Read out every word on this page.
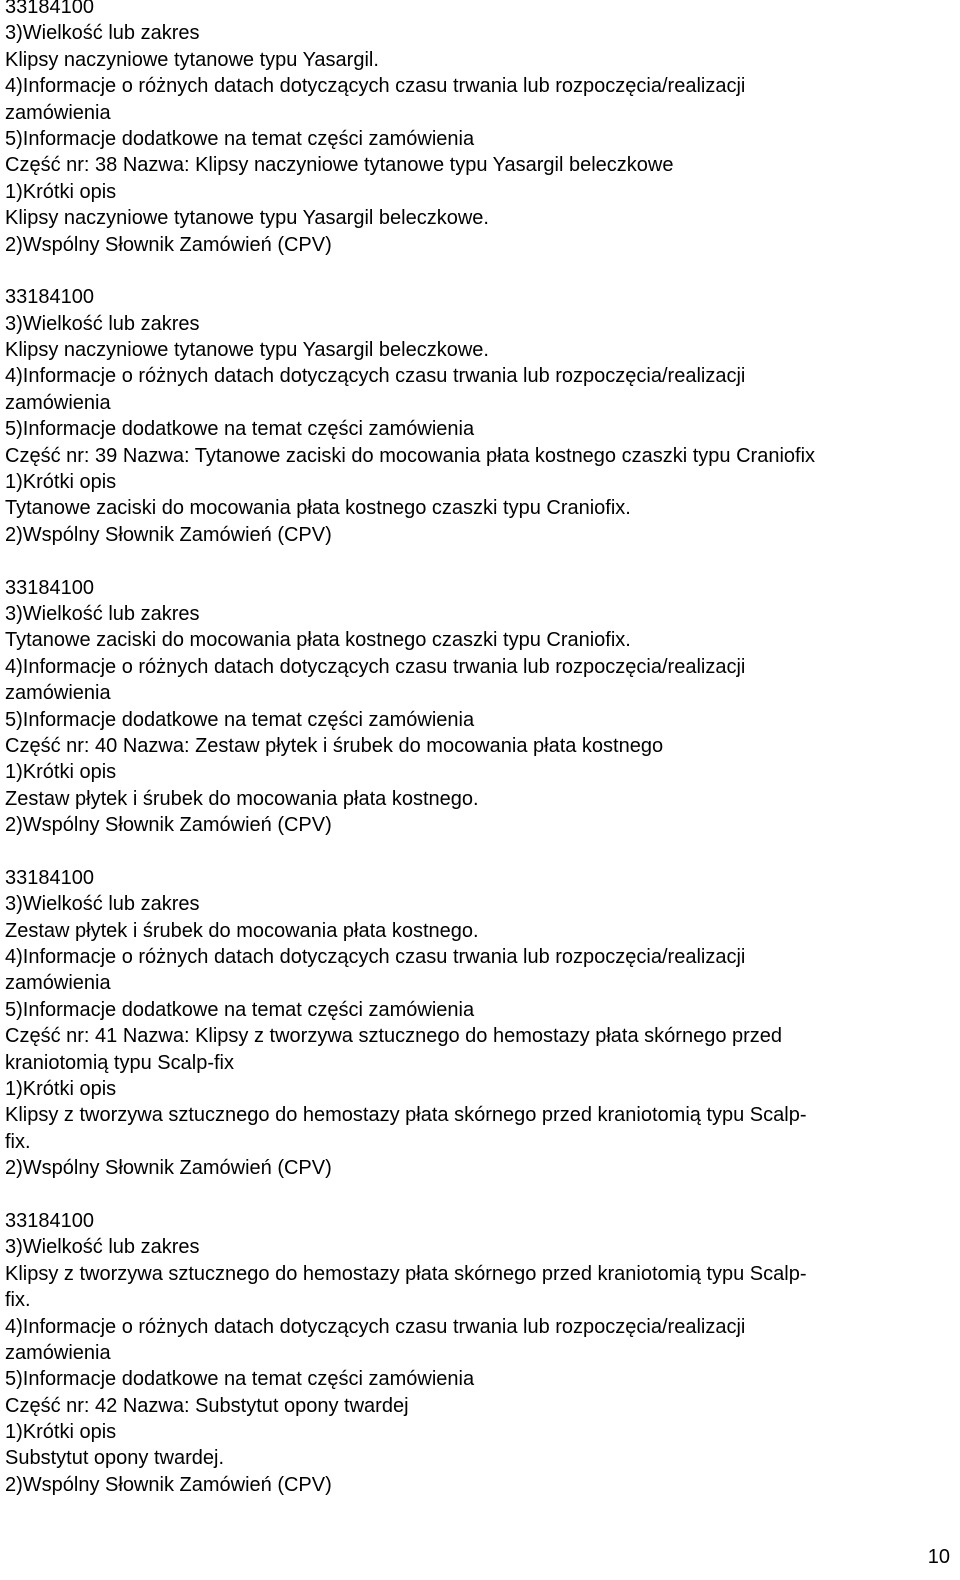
33184100
3)Wielkość lub zakres
Klipsy naczyniowe tytanowe typu Yasargil.
4)Informacje o różnych datach dotyczących czasu trwania lub rozpoczęcia/realizacji
zamówienia
5)Informacje dodatkowe na temat części zamówienia
Część nr: 38 Nazwa: Klipsy naczyniowe tytanowe typu Yasargil beleczkowe
1)Krótki opis
Klipsy naczyniowe tytanowe typu Yasargil beleczkowe.
2)Wspólny Słownik Zamówień (CPV)
33184100
3)Wielkość lub zakres
Klipsy naczyniowe tytanowe typu Yasargil beleczkowe.
4)Informacje o różnych datach dotyczących czasu trwania lub rozpoczęcia/realizacji
zamówienia
5)Informacje dodatkowe na temat części zamówienia
Część nr: 39 Nazwa: Tytanowe zaciski do mocowania płata kostnego czaszki typu Craniofix
1)Krótki opis
Tytanowe zaciski do mocowania płata kostnego czaszki typu Craniofix.
2)Wspólny Słownik Zamówień (CPV)
33184100
3)Wielkość lub zakres
Tytanowe zaciski do mocowania płata kostnego czaszki typu Craniofix.
4)Informacje o różnych datach dotyczących czasu trwania lub rozpoczęcia/realizacji
zamówienia
5)Informacje dodatkowe na temat części zamówienia
Część nr: 40 Nazwa: Zestaw płytek i śrubek do mocowania płata kostnego
1)Krótki opis
Zestaw płytek i śrubek do mocowania płata kostnego.
2)Wspólny Słownik Zamówień (CPV)
33184100
3)Wielkość lub zakres
Zestaw płytek i śrubek do mocowania płata kostnego.
4)Informacje o różnych datach dotyczących czasu trwania lub rozpoczęcia/realizacji
zamówienia
5)Informacje dodatkowe na temat części zamówienia
Część nr: 41 Nazwa: Klipsy z tworzywa sztucznego do hemostazy płata skórnego przed
kraniotomią typu Scalp-fix
1)Krótki opis
Klipsy z tworzywa sztucznego do hemostazy płata skórnego przed kraniotomią typu Scalp-
fix.
2)Wspólny Słownik Zamówień (CPV)
33184100
3)Wielkość lub zakres
Klipsy z tworzywa sztucznego do hemostazy płata skórnego przed kraniotomią typu Scalp-
fix.
4)Informacje o różnych datach dotyczących czasu trwania lub rozpoczęcia/realizacji
zamówienia
5)Informacje dodatkowe na temat części zamówienia
Część nr: 42 Nazwa: Substytut opony twardej
1)Krótki opis
Substytut opony twardej.
2)Wspólny Słownik Zamówień (CPV)
10
